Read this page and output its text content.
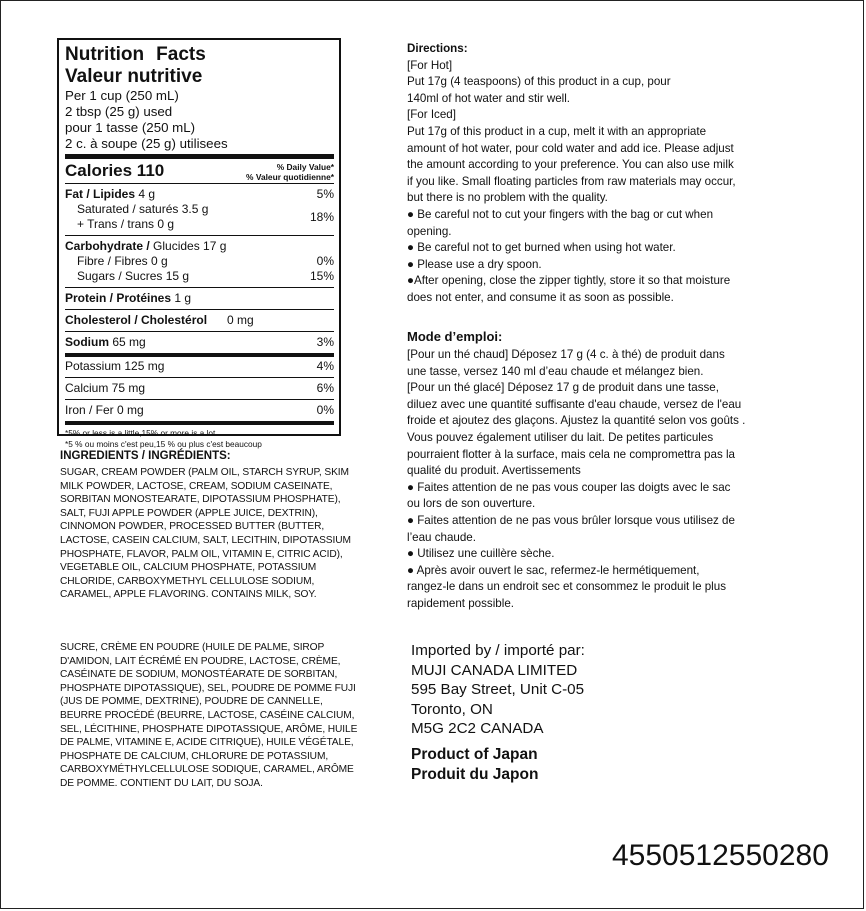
Nutrition Facts
Valeur nutritive
Per 1 cup (250 mL)
2 tbsp (25 g) used
pour 1 tasse (250 mL)
2 c. à soupe (25 g) utilisees
Calories 110	% Daily Value*
% Valeur quotidienne*
Fat / Lipides 4 g	5%
Saturated / saturés 3.5 g
+ Trans / trans 0 g	18%
Carbohydrate / Glucides 17 g
Fibre / Fibres 0 g	0%
Sugars / Sucres 15 g	15%
Protein / Protéines 1 g
Cholesterol / Cholestérol 0 mg
Sodium 65 mg	3%
Potassium 125 mg	4%
Calcium 75 mg	6%
Iron / Fer 0 mg	0%
*5% or less is a little,15% or more is a lot
*5 % ou moins c'est peu,15 % ou plus c'est beaucoup
INGREDIENTS / INGRÉDIENTS:
SUGAR, CREAM POWDER (PALM OIL, STARCH SYRUP, SKIM MILK POWDER, LACTOSE, CREAM, SODIUM CASEINATE, SORBITAN MONOSTEARATE, DIPOTASSIUM PHOSPHATE), SALT, FUJI APPLE POWDER (APPLE JUICE, DEXTRIN), CINNOMON POWDER, PROCESSED BUTTER (BUTTER, LACTOSE, CASEIN CALCIUM, SALT, LECITHIN, DIPOTASSIUM PHOSPHATE, FLAVOR, PALM OIL, VITAMIN E, CITRIC ACID), VEGETABLE OIL, CALCIUM PHOSPHATE, POTASSIUM CHLORIDE, CARBOXYMETHYL CELLULOSE SODIUM, CARAMEL, APPLE FLAVORING. CONTAINS MILK, SOY.
SUCRE, CRÈME EN POUDRE (HUILE DE PALME, SIROP D'AMIDON, LAIT ÉCRÉMÉ EN POUDRE, LACTOSE, CRÈME, CASÉINATE DE SODIUM, MONOSTÉARATE DE SORBITAN, PHOSPHATE DIPOTASSIQUE), SEL, POUDRE DE POMME FUJI (JUS DE POMME, DEXTRINE), POUDRE DE CANNELLE, BEURRE PROCÉDÉ (BEURRE, LACTOSE, CASÉINE CALCIUM, SEL, LÉCITHINE, PHOSPHATE DIPOTASSIQUE, ARÔME, HUILE DE PALME, VITAMINE E, ACIDE CITRIQUE), HUILE VÉGÉTALE, PHOSPHATE DE CALCIUM, CHLORURE DE POTASSIUM, CARBOXYMÉTHYLCELLULOSE SODIQUE, CARAMEL, ARÔME DE POMME. CONTIENT DU LAIT, DU SOJA.
Directions:
[For Hot]
Put 17g (4 teaspoons) of this product in a cup, pour
140ml of hot water and stir well.
[For Iced]
Put 17g of this product in a cup, melt it with an appropriate
amount of hot water, pour cold water and add ice. Please adjust
the amount according to your preference. You can also use milk
if you like. Small floating particles from raw materials may occur,
but there is no problem with the quality.
● Be careful not to cut your fingers with the bag or cut when
opening.
● Be careful not to get burned when using hot water.
● Please use a dry spoon.
●After opening, close the zipper tightly, store it so that moisture
does not enter, and consume it as soon as possible.
Mode d’emploi:
[Pour un thé chaud] Déposez 17 g (4 c. à thé) de produit dans
une tasse, versez 140 ml d’eau chaude et mélangez bien.
[Pour un thé glacé] Déposez 17 g de produit dans une tasse,
diluez avec une quantité suffisante d'eau chaude, versez de l'eau
froide et ajoutez des glaçons. Ajustez la quantité selon vos goûts .
Vous pouvez également utiliser du lait. De petites particules
pourraient flotter à la surface, mais cela ne compromettra pas la
qualité du produit. Avertissements
● Faites attention de ne pas vous couper las doigts avec le sac
ou lors de son ouverture.
● Faites attention de ne pas vous brûler lorsque vous utilisez de
l’eau chaude.
● Utilisez une cuillère sèche.
● Après avoir ouvert le sac, refermez-le hermétiquement,
rangez-le dans un endroit sec et consommez le produit le plus
rapidement possible.
Imported by / importé par:
MUJI CANADA LIMITED
595 Bay Street, Unit C-05
Toronto, ON
M5G 2C2 CANADA
Product of Japan
Produit du Japon
4550512550280
